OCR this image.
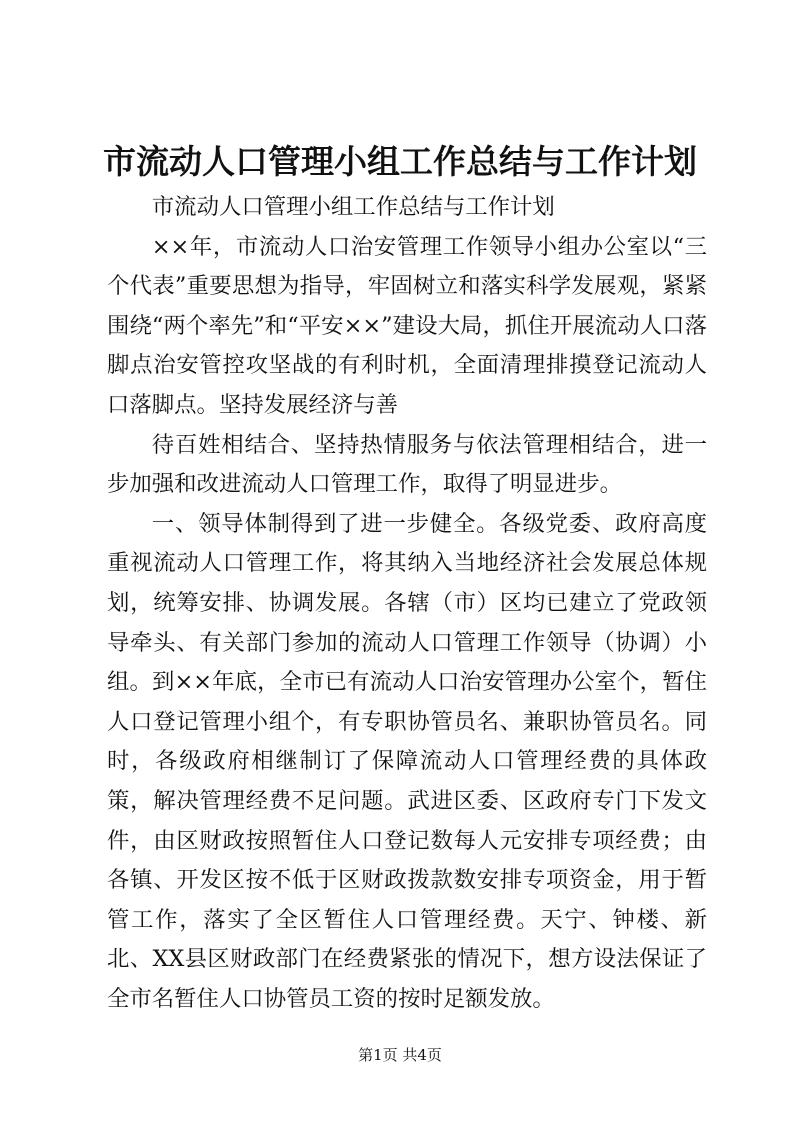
市流动人口管理小组工作总结与工作计划

市流动人口管理小组工作总结与工作计划

××年，市流动人口治安管理工作领导小组办公室以“三个代表”重要思想为指导，牢固树立和落实科学发展观，紧紧围绕“两个率先”和“平安××”建设大局，抓住开展流动人口落脚点治安管控攻坚战的有利时机，全面清理排摸登记流动人口落脚点。坚持发展经济与善

待百姓相结合、坚持热情服务与依法管理相结合，进一步加强和改进流动人口管理工作，取得了明显进步。

一、领导体制得到了进一步健全。各级党委、政府高度重视流动人口管理工作，将其纳入当地经济社会发展总体规划，统筹安排、协调发展。各辖（市）区均已建立了党政领导牵头、有关部门参加的流动人口管理工作领导（协调）小组。到××年底，全市已有流动人口治安管理办公室个，暂住人口登记管理小组个，有专职协管员名、兼职协管员名。同时，各级政府相继制订了保障流动人口管理经费的具体政策，解决管理经费不足问题。武进区委、区政府专门下发文件，由区财政按照暂住人口登记数每人元安排专项经费；由各镇、开发区按不低于区财政拨款数安排专项资金，用于暂管工作，落实了全区暂住人口管理经费。天宁、钟楼、新北、XX县区财政部门在经费紧张的情况下，想方设法保证了全市名暂住人口协管员工资的按时足额发放。

第1页 共4页
